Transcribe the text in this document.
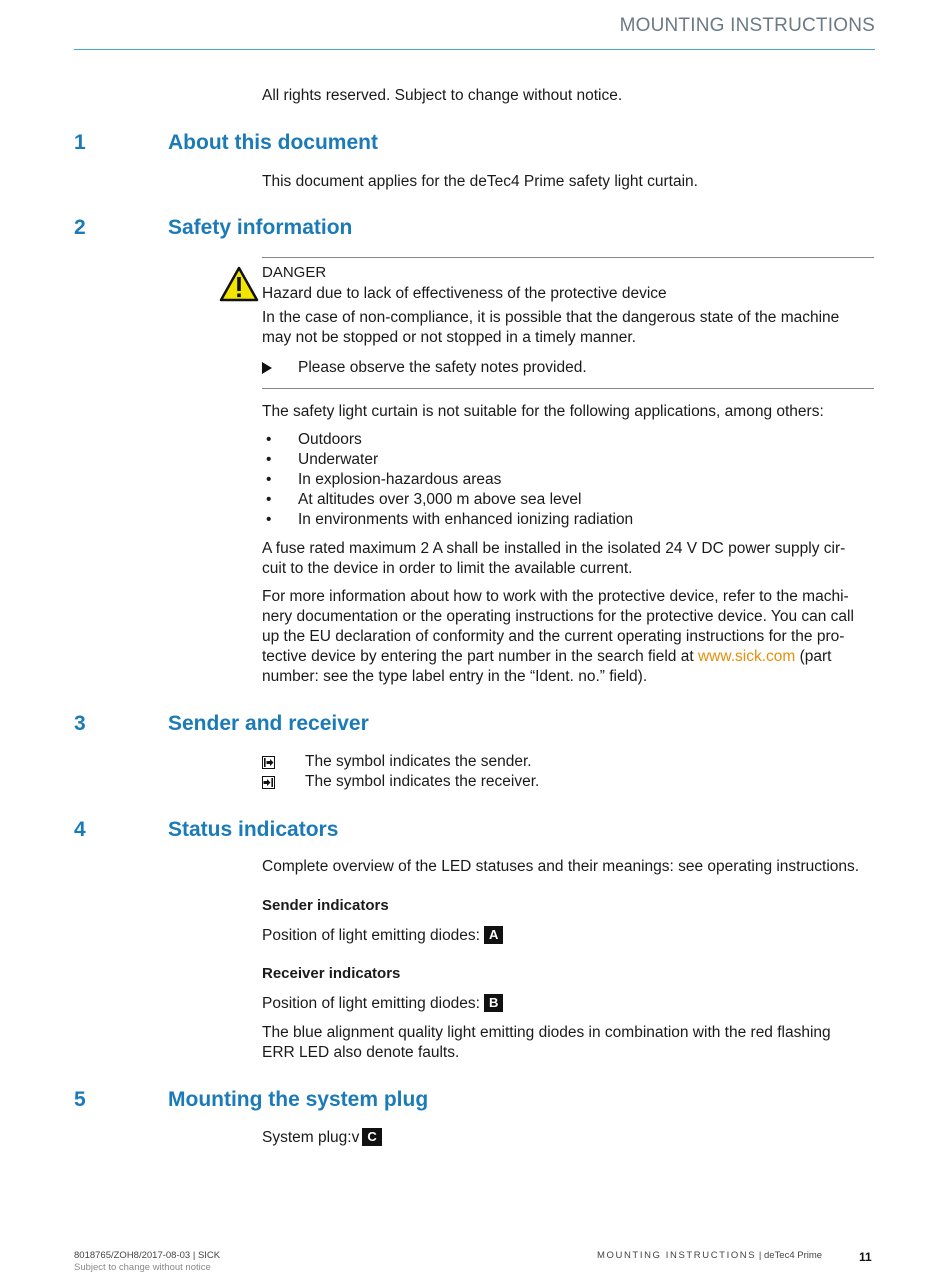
MOUNTING INSTRUCTIONS
All rights reserved. Subject to change without notice.
1	About this document
This document applies for the deTec4 Prime safety light curtain.
2	Safety information
DANGER
Hazard due to lack of effectiveness of the protective device
In the case of non-compliance, it is possible that the dangerous state of the machine
may not be stopped or not stopped in a timely manner.
Please observe the safety notes provided.
The safety light curtain is not suitable for the following applications, among others:
• Outdoors
• Underwater
• In explosion-hazardous areas
• At altitudes over 3,000 m above sea level
• In environments with enhanced ionizing radiation
A fuse rated maximum 2 A shall be installed in the isolated 24 V DC power supply cir-
cuit to the device in order to limit the available current.
For more information about how to work with the protective device, refer to the machi-
nery documentation or the operating instructions for the protective device. You can call
up the EU declaration of conformity and the current operating instructions for the pro-
tective device by entering the part number in the search field at www.sick.com (part
number: see the type label entry in the “Ident. no.” field).
3	Sender and receiver
The symbol indicates the sender.
The symbol indicates the receiver.
4	Status indicators
Complete overview of the LED statuses and their meanings: see operating instructions.
Sender indicators
Position of light emitting diodes: A
Receiver indicators
Position of light emitting diodes: B
The blue alignment quality light emitting diodes in combination with the red flashing
ERR LED also denote faults.
5	Mounting the system plug
System plug:v C
8018765/ZOH8/2017-08-03 | SICK
Subject to change without notice
MOUNTING INSTRUCTIONS | deTec4 Prime	11
